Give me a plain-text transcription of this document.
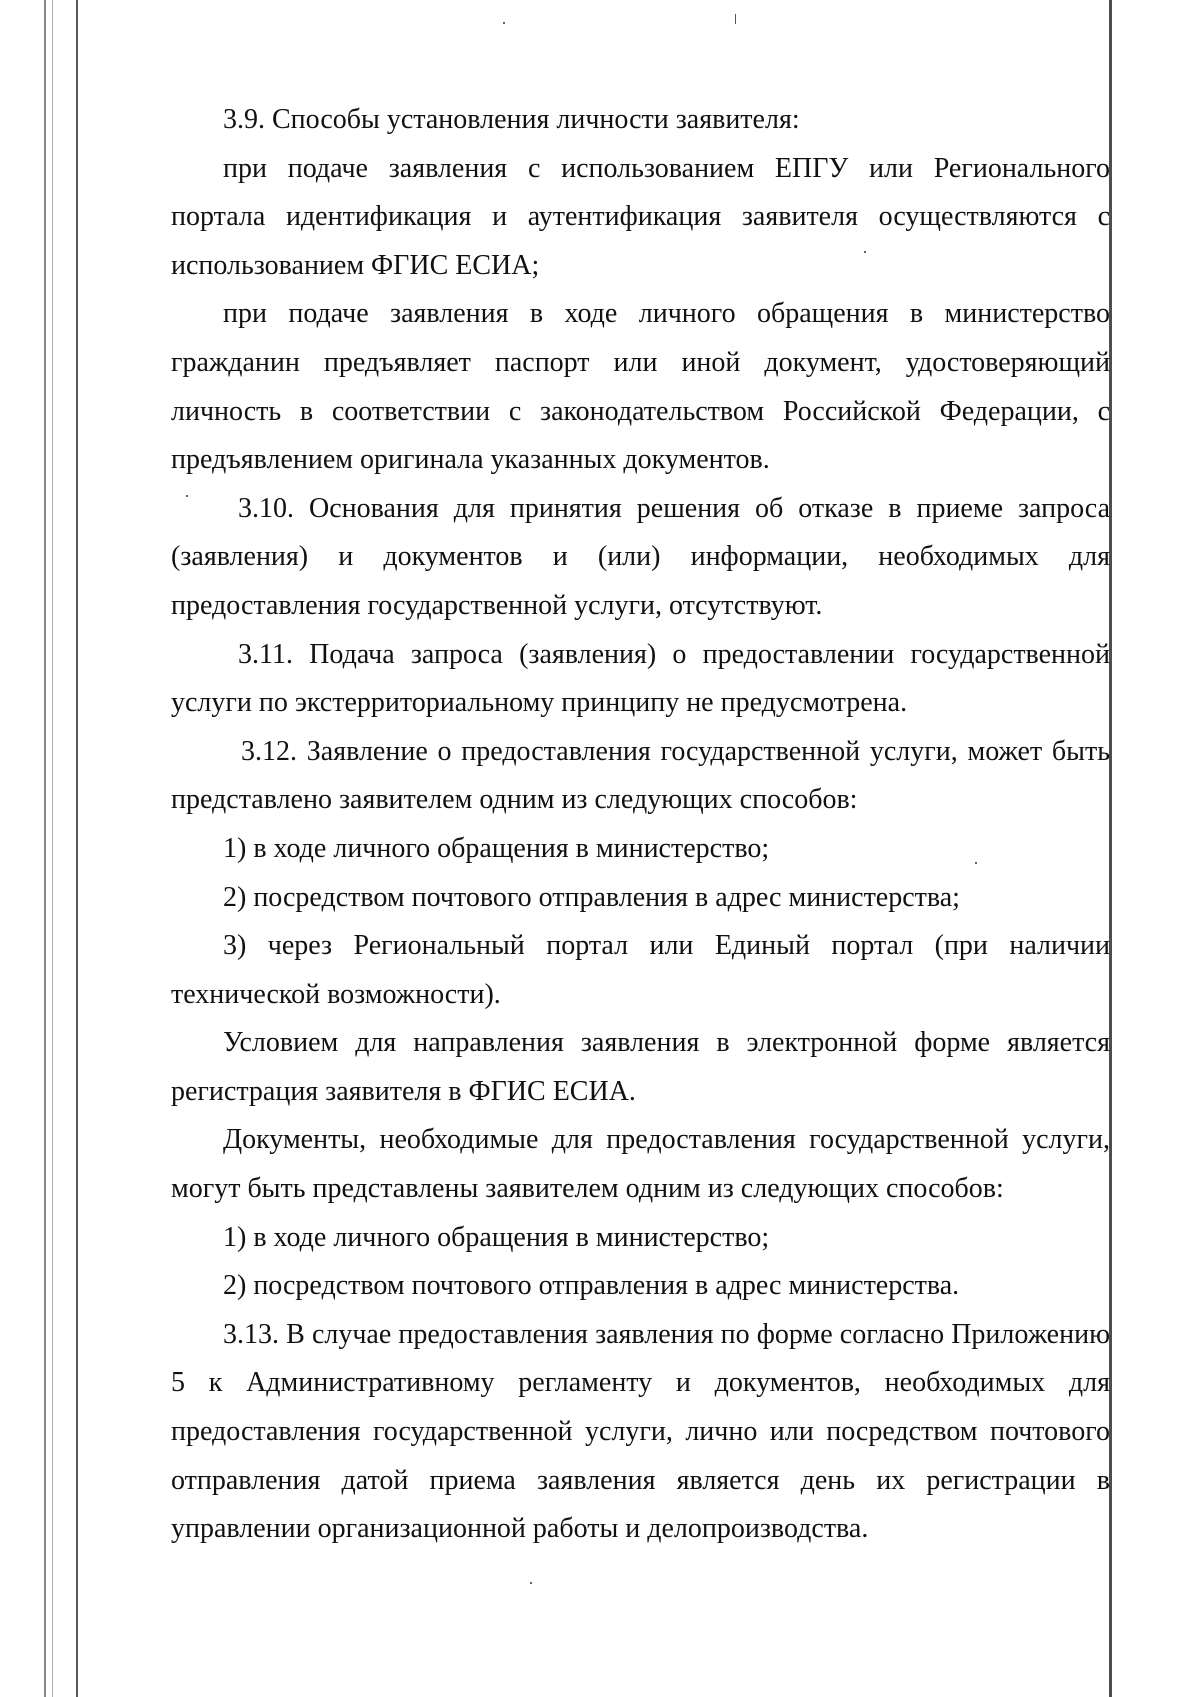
3.9. Способы установления личности заявителя:

при подаче заявления с использованием ЕПГУ или Регионального портала идентификация и аутентификация заявителя осуществляются с использованием ФГИС ЕСИА;

при подаче заявления в ходе личного обращения в министерство гражданин предъявляет паспорт или иной документ, удостоверяющий личность в соответствии с законодательством Российской Федерации, с предъявлением оригинала указанных документов.

3.10. Основания для принятия решения об отказе в приеме запроса (заявления) и документов и (или) информации, необходимых для предоставления государственной услуги, отсутствуют.

3.11. Подача запроса (заявления) о предоставлении государственной услуги по экстерриториальному принципу не предусмотрена.

3.12. Заявление о предоставления государственной услуги, может быть представлено заявителем одним из следующих способов:

1) в ходе личного обращения в министерство;

2) посредством почтового отправления в адрес министерства;

3) через Региональный портал или Единый портал (при наличии технической возможности).

Условием для направления заявления в электронной форме является регистрация заявителя в ФГИС ЕСИА.

Документы, необходимые для предоставления государственной услуги, могут быть представлены заявителем одним из следующих способов:

1) в ходе личного обращения в министерство;

2) посредством почтового отправления в адрес министерства.

3.13. В случае предоставления заявления по форме согласно Приложению 5 к Административному регламенту и документов, необходимых для предоставления государственной услуги, лично или посредством почтового отправления датой приема заявления является день их регистрации в управлении организационной работы и делопроизводства.
